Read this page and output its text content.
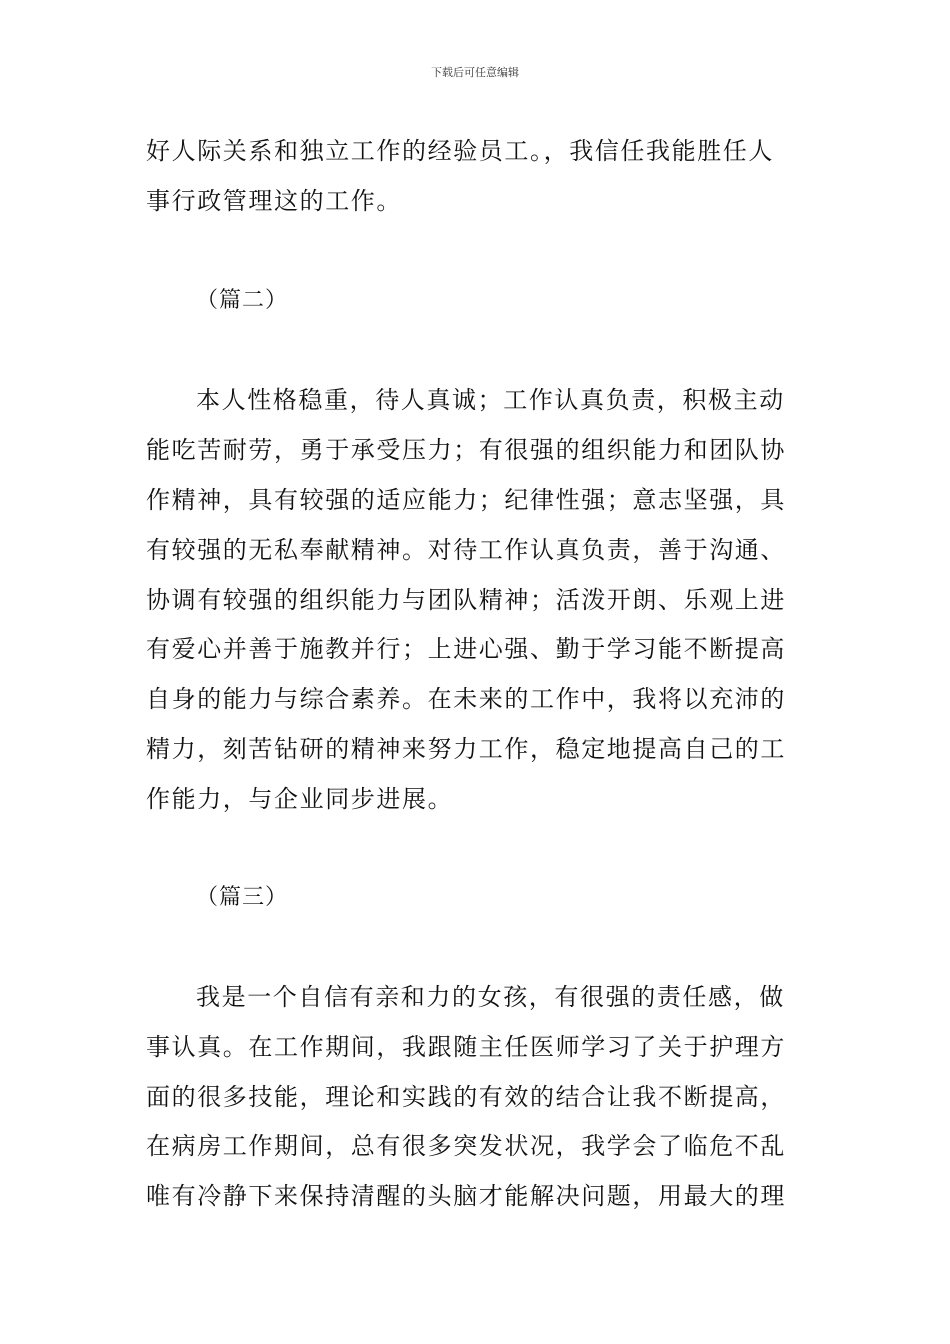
下载后可任意编辑
好人际关系和独立工作的经验员工。，我信任我能胜任人
事行政管理这的工作。
（篇二）
本人性格稳重，待人真诚；工作认真负责，积极主动
能吃苦耐劳，勇于承受压力；有很强的组织能力和团队协
作精神，具有较强的适应能力；纪律性强；意志坚强，具
有较强的无私奉献精神。对待工作认真负责，善于沟通、
协调有较强的组织能力与团队精神；活泼开朗、乐观上进
有爱心并善于施教并行；上进心强、勤于学习能不断提高
自身的能力与综合素养。在未来的工作中，我将以充沛的
精力，刻苦钻研的精神来努力工作，稳定地提高自己的工
作能力，与企业同步进展。
（篇三）
我是一个自信有亲和力的女孩，有很强的责任感，做
事认真。在工作期间，我跟随主任医师学习了关于护理方
面的很多技能，理论和实践的有效的结合让我不断提高，
在病房工作期间，总有很多突发状况，我学会了临危不乱
唯有冷静下来保持清醒的头脑才能解决问题，用最大的理
